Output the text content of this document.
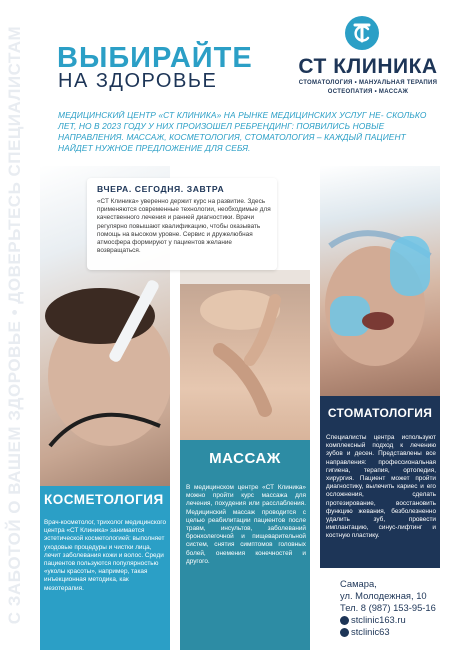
С ЗАБОТОЙ О ВАШЕМ ЗДОРОВЬЕ • ДОВЕРЬТЕСЬ СПЕЦИАЛИСТАМ ВЫБИРАЙТЕ
НА ЗДОРОВЬЕ
СТ КЛИНИКА
СТОМАТОЛОГИЯ • МАНУАЛЬНАЯ ТЕРАПИЯ
ОСТЕОПАТИЯ • МАССАЖ
МЕДИЦИНСКИЙ ЦЕНТР «СТ КЛИНИКА» НА РЫНКЕ МЕДИЦИНСКИХ УСЛУГ НЕ- СКОЛЬКО ЛЕТ, НО В 2023 ГОДУ У НИХ ПРОИЗОШЕЛ РЕБРЕНДИНГ: ПОЯВИЛИСЬ НОВЫЕ НАПРАВЛЕНИЯ. МАССАЖ, КОСМЕТОЛОГИЯ, СТОМАТОЛОГИЯ – КАЖДЫЙ ПАЦИЕНТ НАЙДЕТ НУЖНОЕ ПРЕДЛОЖЕНИЕ ДЛЯ СЕБЯ.
КОСМЕТОЛОГИЯ

Врач-косметолог, трихолог медицинского центра «СТ Клиника» занимается эстетической косметологией: выполняет уходовые процедуры и чистки лица, лечит заболевания кожи и волос. Среди пациентов пользуются популярностью «уколы красоты», например, такая инъекционная методика, как мезотерапия.

МАССАЖ

В медицинском центре «СТ Клиника» можно пройти курс массажа для лечения, похудения или расслабления. Медицинский массаж проводится с целью реабилитации пациентов после травм, инсультов, заболеваний бронхолегочной и пищеварительной систем, снятия симптомов головных болей, онемения конечностей и другого.

ВЧЕРА. СЕГОДНЯ. ЗАВТРА

«СТ Клиника» уверенно держит курс на развитие. Здесь применяются современные технологии, необходимые для качественного лечения и ранней диагностики. Врачи регулярно повышают квалификацию, чтобы оказывать помощь на высоком уровне. Сервис и дружелюбная атмосфера формируют у пациентов желание возвращаться.

СТОМАТОЛОГИЯ

Специалисты центра используют комплексный подход к лечению зубов и десен. Представлены все направления: профессиональная гигиена, терапия, ортопедия, хирургия. Пациент может пройти диагностику, вылечить кариес и его осложнения, сделать протезирование, восстановить функцию жевания, безболезненно удалить зуб, провести имплантацию, синус-лифтинг и костную пластику.

Самара,
ул. Молодежная, 10
Тел. 8 (987) 153-95-16
stclinic163.ru
stclinic63
